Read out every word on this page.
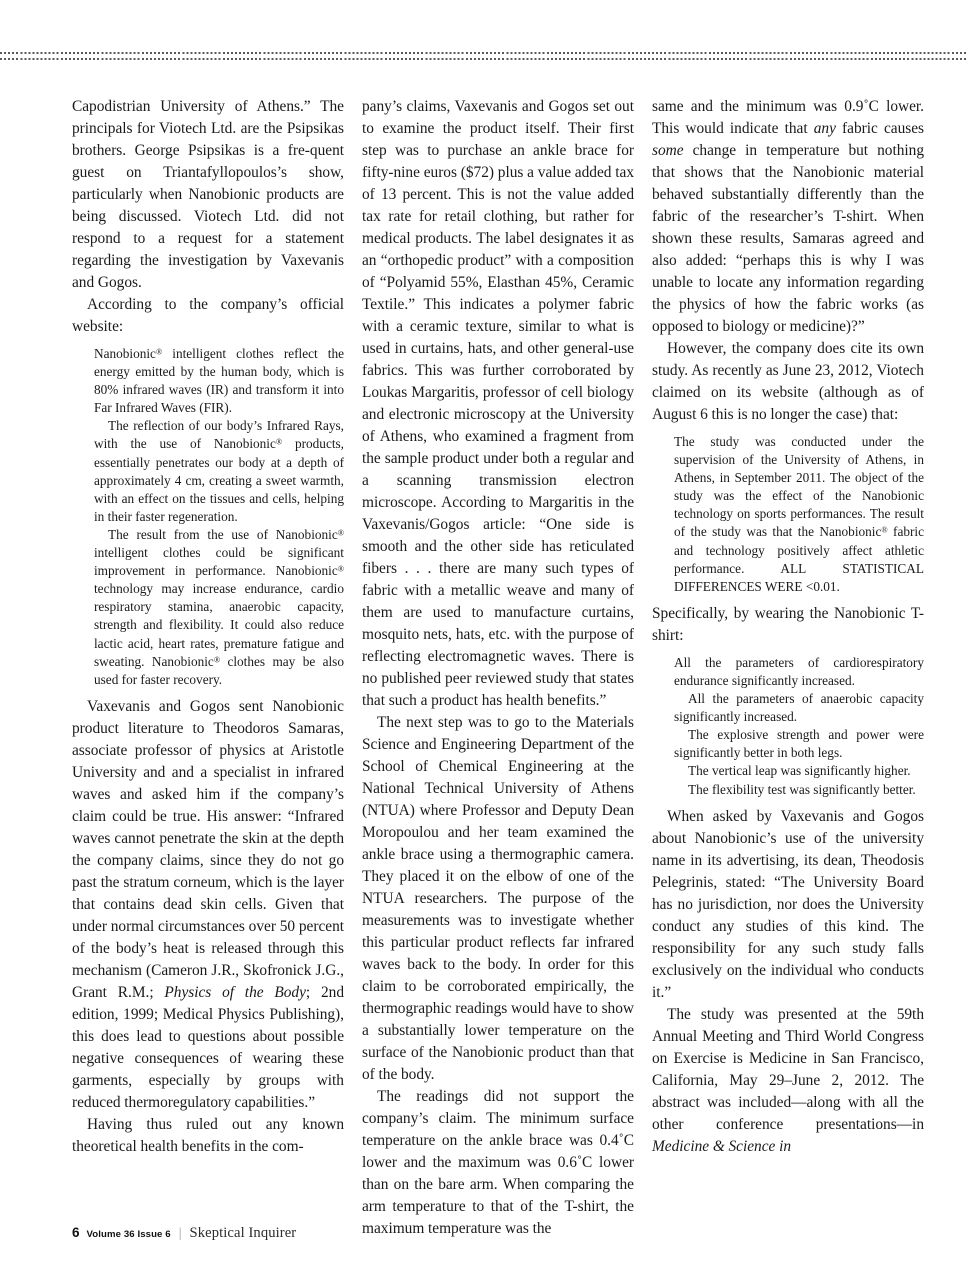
Capodistrian University of Athens.” The principals for Viotech Ltd. are the Psipsikas brothers. George Psipsikas is a fre‑quent guest on Triantafyllopoulos’s show, particularly when Nanobionic products are being discussed. Viotech Ltd. did not respond to a request for a statement regarding the investigation by Vaxevanis and Gogos.

According to the company’s official website:

Nanobionic® intelligent clothes reflect the energy emitted by the human body, which is 80% infrared waves (IR) and transform it into Far Infrared Waves (FIR).

The reflection of our body’s Infrared Rays, with the use of Nanobionic® products, essentially penetrates our body at a depth of approximately 4 cm, creating a sweet warmth, with an effect on the tissues and cells, helping in their faster regeneration.

The result from the use of Nanobionic® intelligent clothes could be significant improvement in performance. Nanobionic® technology may increase endurance, cardio respiratory stamina, anaerobic capacity, strength and flexibility. It could also reduce lactic acid, heart rates, premature fatigue and sweating. Nanobionic® clothes may be also used for faster recovery.

Vaxevanis and Gogos sent Nanobionic product literature to Theodoros Samaras, associate professor of physics at Aristotle University and and a specialist in infrared waves and asked him if the company’s claim could be true. His answer: “Infrared waves cannot penetrate the skin at the depth the company claims, since they do not go past the stratum corneum, which is the layer that contains dead skin cells. Given that under normal circumstances over 50 percent of the body’s heat is released through this mechanism (Cameron J.R., Skofronick J.G., Grant R.M.; Physics of the Body; 2nd edition, 1999; Medical Physics Publishing), this does lead to questions about possible negative consequences of wearing these garments, especially by groups with reduced thermoregulatory capabilities.”

Having thus ruled out any known theoretical health benefits in the com-

pany’s claims, Vaxevanis and Gogos set out to examine the product itself. Their first step was to purchase an ankle brace for fifty-nine euros ($72) plus a value added tax of 13 percent. This is not the value added tax rate for retail clothing, but rather for medical products. The label designates it as an “orthopedic product” with a composition of “Polyamid 55%, Elasthan 45%, Ceramic Textile.” This indicates a polymer fabric with a ceramic texture, similar to what is used in curtains, hats, and other general-use fabrics. This was further corroborated by Loukas Margaritis, professor of cell biology and electronic microscopy at the University of Athens, who examined a fragment from the sample product under both a regular and a scanning transmission electron microscope. According to Margaritis in the Vaxevanis/Gogos article: “One side is smooth and the other side has reticulated fibers . . . there are many such types of fabric with a metallic weave and many of them are used to manufacture curtains, mosquito nets, hats, etc. with the purpose of reflecting electromagnetic waves. There is no published peer reviewed study that states that such a product has health benefits.”

The next step was to go to the Materials Science and Engineering Department of the School of Chemical Engineering at the National Technical University of Athens (NTUA) where Professor and Deputy Dean Moropoulou and her team examined the ankle brace using a thermographic camera. They placed it on the elbow of one of the NTUA researchers. The purpose of the measurements was to investigate whether this particular product reflects far infrared waves back to the body. In order for this claim to be corroborated empirically, the thermographic readings would have to show a substantially lower temperature on the surface of the Nanobionic product than that of the body.

The readings did not support the company’s claim. The minimum surface temperature on the ankle brace was 0.4˚C lower and the maximum was 0.6˚C lower than on the bare arm. When comparing the arm temperature to that of the T-shirt, the maximum temperature was the

same and the minimum was 0.9˚C lower. This would indicate that any fabric causes some change in temperature but nothing that shows that the Nanobionic material behaved substantially differently than the fabric of the researcher’s T-shirt. When shown these results, Samaras agreed and also added: “perhaps this is why I was unable to locate any information regarding the physics of how the fabric works (as opposed to biology or medicine)?”

However, the company does cite its own study. As recently as June 23, 2012, Viotech claimed on its website (although as of August 6 this is no longer the case) that:

The study was conducted under the supervision of the University of Athens, in Athens, in September 2011. The object of the study was the effect of the Nanobionic technology on sports performances. The result of the study was that the Nanobionic® fabric and technology positively affect athletic performance. ALL STATISTICAL DIFFERENCES WERE <0.01.

Specifically, by wearing the Nanobionic T-shirt:

All the parameters of cardiorespiratory endurance significantly increased.

All the parameters of anaerobic capacity significantly increased.

The explosive strength and power were significantly better in both legs.

The vertical leap was significantly higher.

The flexibility test was significantly better.

When asked by Vaxevanis and Gogos about Nanobionic’s use of the university name in its advertising, its dean, Theodosis Pelegrinis, stated: “The University Board has no jurisdiction, nor does the University conduct any studies of this kind. The responsibility for any such study falls exclusively on the individual who conducts it.”

The study was presented at the 59th Annual Meeting and Third World Congress on Exercise is Medicine in San Francisco, California, May 29–June 2, 2012. The abstract was included—along with all the other conference presentations—in Medicine & Science in

6 Volume 36 Issue 6 | Skeptical Inquirer
